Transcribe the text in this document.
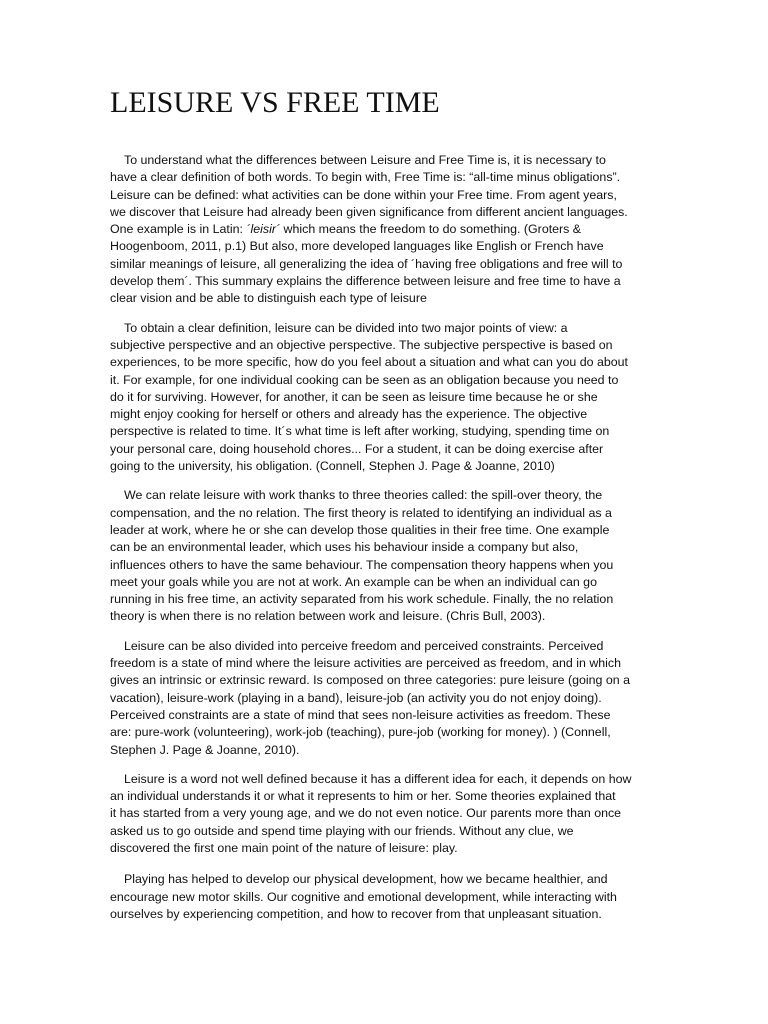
LEISURE VS FREE TIME

To understand what the differences between Leisure and Free Time is, it is necessary to
have a clear definition of both words. To begin with, Free Time is: “all-time minus obligations”.
Leisure can be defined: what activities can be done within your Free time. From agent years,
we discover that Leisure had already been given significance from different ancient languages.
One example is in Latin: ´leisir´ which means the freedom to do something. (Groters &
Hoogenboom, 2011, p.1) But also, more developed languages like English or French have
similar meanings of leisure, all generalizing the idea of ´having free obligations and free will to
develop them´. This summary explains the difference between leisure and free time to have a
clear vision and be able to distinguish each type of leisure

To obtain a clear definition, leisure can be divided into two major points of view: a
subjective perspective and an objective perspective. The subjective perspective is based on
experiences, to be more specific, how do you feel about a situation and what can you do about
it. For example, for one individual cooking can be seen as an obligation because you need to
do it for surviving. However, for another, it can be seen as leisure time because he or she
might enjoy cooking for herself or others and already has the experience. The objective
perspective is related to time. It´s what time is left after working, studying, spending time on
your personal care, doing household chores... For a student, it can be doing exercise after
going to the university, his obligation. (Connell, Stephen J. Page & Joanne, 2010)

We can relate leisure with work thanks to three theories called: the spill-over theory, the
compensation, and the no relation. The first theory is related to identifying an individual as a
leader at work, where he or she can develop those qualities in their free time. One example
can be an environmental leader, which uses his behaviour inside a company but also,
influences others to have the same behaviour. The compensation theory happens when you
meet your goals while you are not at work. An example can be when an individual can go
running in his free time, an activity separated from his work schedule. Finally, the no relation
theory is when there is no relation between work and leisure. (Chris Bull, 2003).

Leisure can be also divided into perceive freedom and perceived constraints. Perceived
freedom is a state of mind where the leisure activities are perceived as freedom, and in which
gives an intrinsic or extrinsic reward. Is composed on three categories: pure leisure (going on a
vacation), leisure-work (playing in a band), leisure-job (an activity you do not enjoy doing).
Perceived constraints are a state of mind that sees non-leisure activities as freedom. These
are: pure-work (volunteering), work-job (teaching), pure-job (working for money). ) (Connell,
Stephen J. Page & Joanne, 2010).

Leisure is a word not well defined because it has a different idea for each, it depends on how
an individual understands it or what it represents to him or her. Some theories explained that
it has started from a very young age, and we do not even notice. Our parents more than once
asked us to go outside and spend time playing with our friends. Without any clue, we
discovered the first one main point of the nature of leisure: play.

Playing has helped to develop our physical development, how we became healthier, and
encourage new motor skills. Our cognitive and emotional development, while interacting with
ourselves by experiencing competition, and how to recover from that unpleasant situation.
